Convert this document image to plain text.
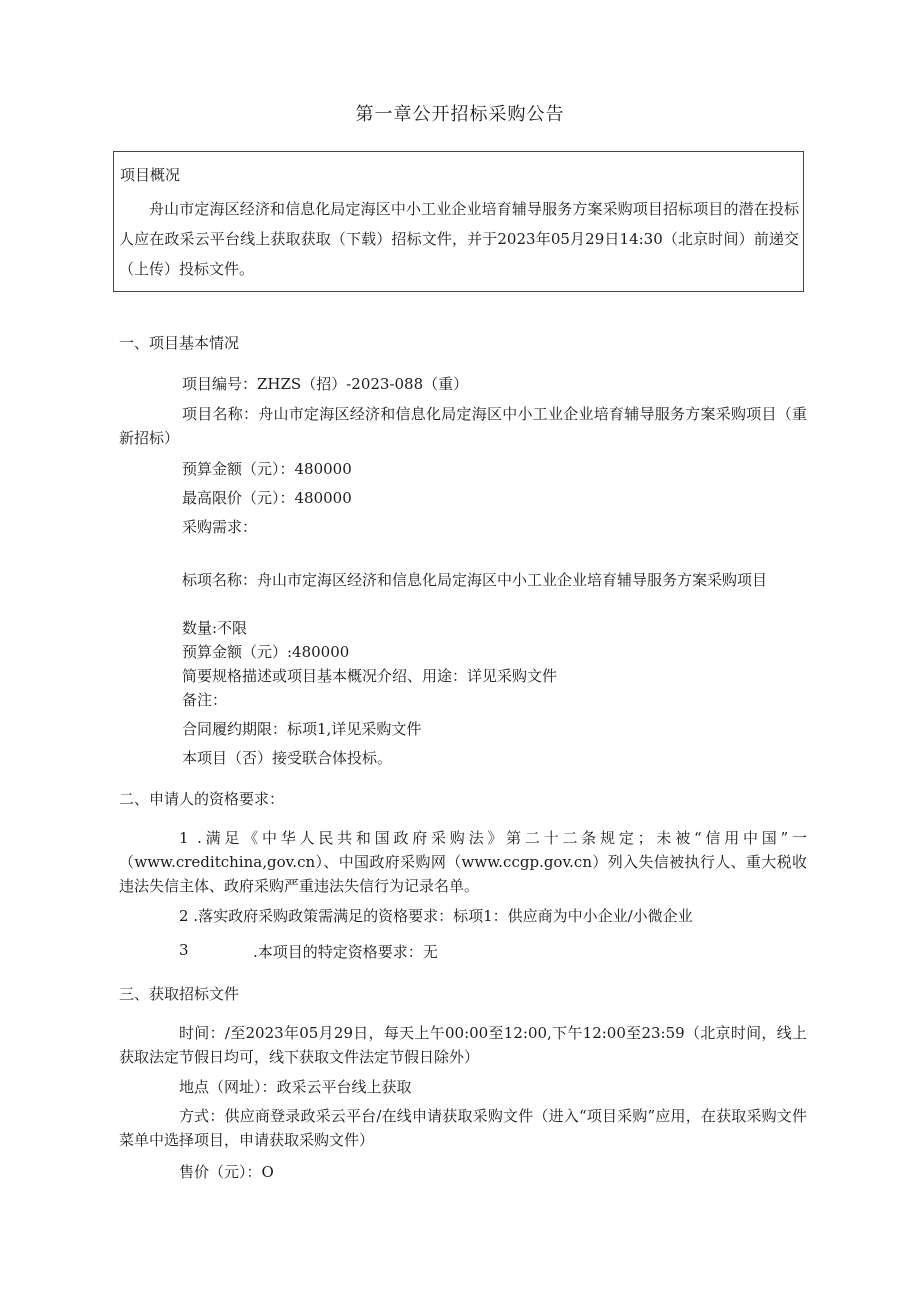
第一章公开招标采购公告
项目概况
舟山市定海区经济和信息化局定海区中小工业企业培育辅导服务方案采购项目招标项目的潜在投标人应在政采云平台线上获取获取（下载）招标文件，并于2023年05月29日14:30（北京时间）前递交（上传）投标文件。
一、项目基本情况
项目编号：ZHZS（招）-2023-088（重）
项目名称：舟山市定海区经济和信息化局定海区中小工业企业培育辅导服务方案采购项目（重新招标）
预算金额（元）：480000
最高限价（元）：480000
采购需求：
标项名称：舟山市定海区经济和信息化局定海区中小工业企业培育辅导服务方案采购项目
数量:不限
预算金额（元）:480000
简要规格描述或项目基本概况介绍、用途：详见采购文件
备注：
合同履约期限：标项1,详见采购文件
本项目（否）接受联合体投标。
二、申请人的资格要求：
1 .满足《中华人民共和国政府采购法》第二十二条规定；未被“信用中国”一（www.creditchina,gov.cn）、中国政府采购网（www.ccgp.gov.cn）列入失信被执行人、重大税收违法失信主体、政府采购严重违法失信行为记录名单。
2 .落实政府采购政策需满足的资格要求：标项1：供应商为中小企业/小微企业
3	.本项目的特定资格要求：无
三、获取招标文件
时间：/至2023年05月29日，每天上午00:00至12:00,下午12:00至23:59（北京时间，线上获取法定节假日均可，线下获取文件法定节假日除外）
地点（网址）：政采云平台线上获取
方式：供应商登录政采云平台/在线申请获取采购文件（进入“项目采购”应用，在获取采购文件菜单中选择项目，申请获取采购文件）
售价（元）：O
